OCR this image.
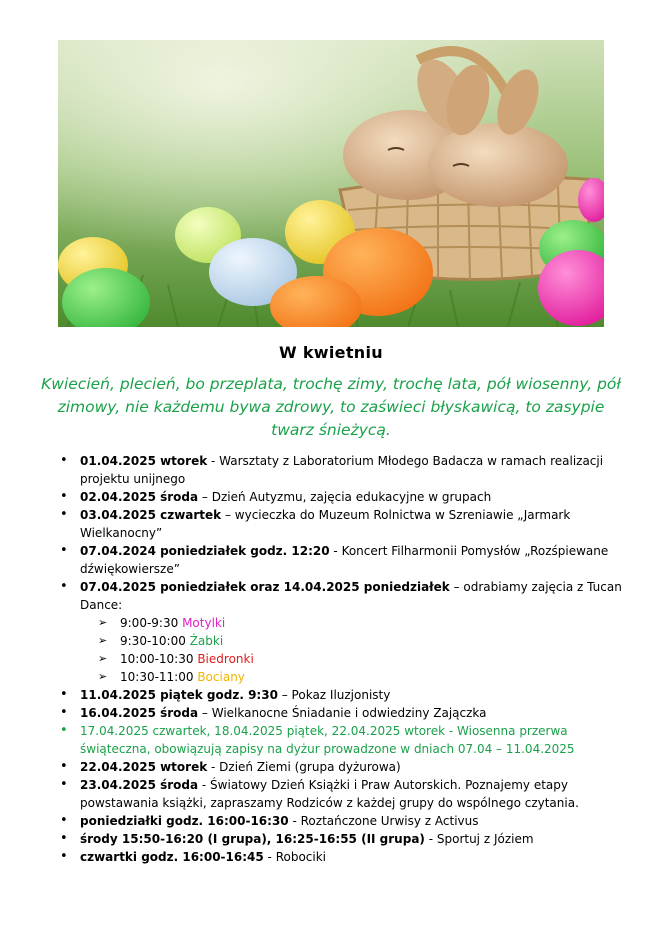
W kwietniu
Kwiecień, plecień, bo przeplata, trochę zimy, trochę lata, pół wiosenny, pół zimowy, nie każdemu bywa zdrowy, to zaświeci błyskawicą, to zasypie twarz śnieżycą.
• 01.04.2025 wtorek - Warsztaty z Laboratorium Młodego Badacza w ramach realizacji projektu unijnego
• 02.04.2025 środa – Dzień Autyzmu, zajęcia edukacyjne w grupach
• 03.04.2025 czwartek – wycieczka do Muzeum Rolnictwa w Szreniawie „Jarmark Wielkanocny”
• 07.04.2024 poniedziałek godz. 12:20 - Koncert Filharmonii Pomysłów „Rozśpiewane dźwiękowiersze”
• 07.04.2025 poniedziałek oraz 14.04.2025 poniedziałek – odrabiamy zajęcia z Tucan Dance:
➢ 9:00-9:30 Motylki
➢ 9:30-10:00 Żabki
➢ 10:00-10:30 Biedronki
➢ 10:30-11:00 Bociany
• 11.04.2025 piątek godz. 9:30 – Pokaz Iluzjonisty
• 16.04.2025 środa – Wielkanocne Śniadanie i odwiedziny Zajączka
• 17.04.2025 czwartek, 18.04.2025 piątek, 22.04.2025 wtorek - Wiosenna przerwa świąteczna, obowiązują zapisy na dyżur prowadzone w dniach 07.04 – 11.04.2025
• 22.04.2025 wtorek - Dzień Ziemi (grupa dyżurowa)
• 23.04.2025 środa - Światowy Dzień Książki i Praw Autorskich. Poznajemy etapy powstawania książki, zapraszamy Rodziców z każdej grupy do wspólnego czytania.
• poniedziałki godz. 16:00-16:30 - Roztańczone Urwisy z Activus
• środy 15:50-16:20 (I grupa), 16:25-16:55 (II grupa) - Sportuj z Józiem
• czwartki godz. 16:00-16:45 - Robociki
